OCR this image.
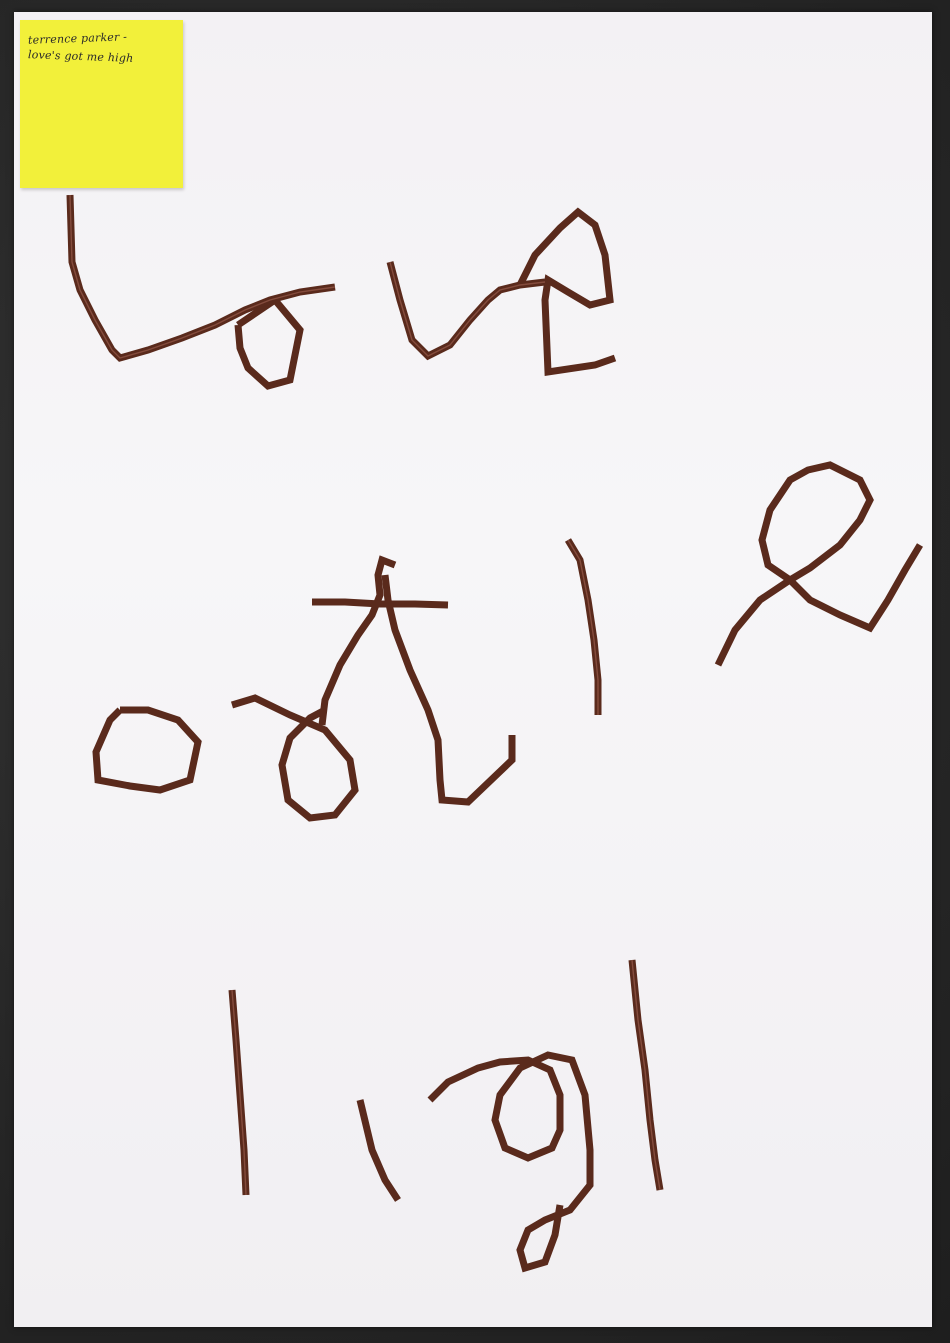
terrence parker -
love's got me high
